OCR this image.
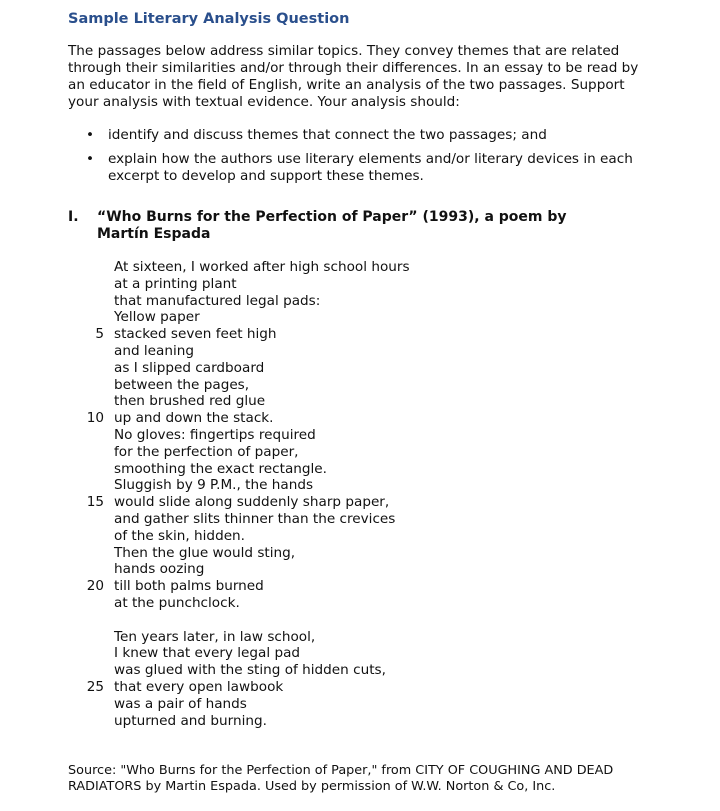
Sample Literary Analysis Question
The passages below address similar topics. They convey themes that are related
through their similarities and/or through their differences. In an essay to be read by
an educator in the field of English, write an analysis of the two passages. Support
your analysis with textual evidence. Your analysis should:
• identify and discuss themes that connect the two passages; and
• explain how the authors use literary elements and/or literary devices in each
excerpt to develop and support these themes.
I. “Who Burns for the Perfection of Paper” (1993), a poem by
Martín Espada
At sixteen, I worked after high school hours
at a printing plant
that manufactured legal pads:
Yellow paper
5 stacked seven feet high
and leaning
as I slipped cardboard
between the pages,
then brushed red glue
10 up and down the stack.
No gloves: fingertips required
for the perfection of paper,
smoothing the exact rectangle.
Sluggish by 9 P.M., the hands
15 would slide along suddenly sharp paper,
and gather slits thinner than the crevices
of the skin, hidden.
Then the glue would sting,
hands oozing
20 till both palms burned
at the punchclock.
Ten years later, in law school,
I knew that every legal pad
was glued with the sting of hidden cuts,
25 that every open lawbook
was a pair of hands
upturned and burning.
Source: "Who Burns for the Perfection of Paper," from CITY OF COUGHING AND DEAD
RADIATORS by Martin Espada. Used by permission of W.W. Norton & Co, Inc.
